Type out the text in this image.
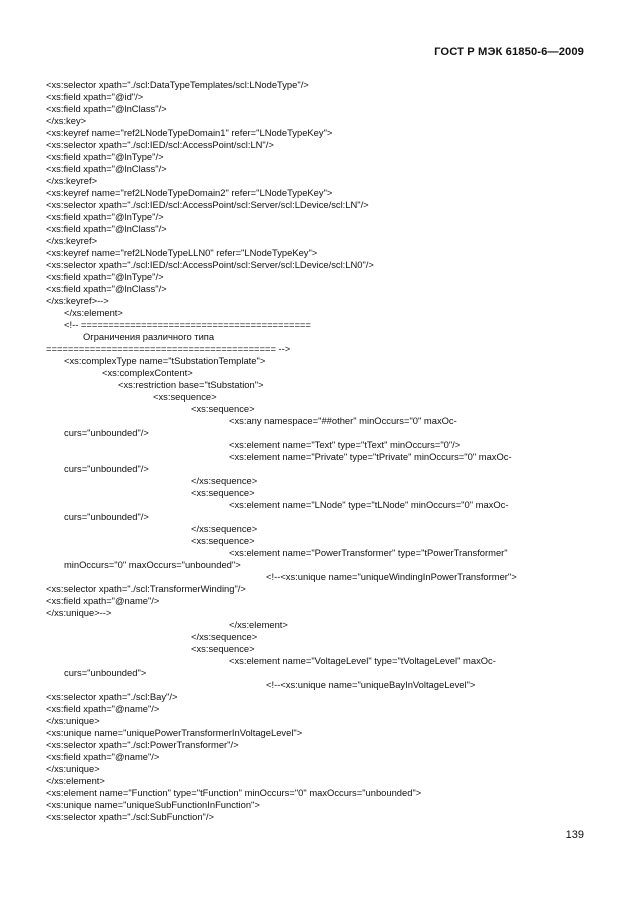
ГОСТ Р МЭК 61850-6—2009
<xs:selector xpath="./scl:DataTypeTemplates/scl:LNodeType"/>
<xs:field xpath="@id"/>
<xs:field xpath="@lnClass"/>
</xs:key>
<xs:keyref name="ref2LNodeTypeDomain1" refer="LNodeTypeKey">
<xs:selector xpath="./scl:IED/scl:AccessPoint/scl:LN"/>
<xs:field xpath="@lnType"/>
<xs:field xpath="@lnClass"/>
</xs:keyref>
<xs:keyref name="ref2LNodeTypeDomain2" refer="LNodeTypeKey">
<xs:selector xpath="./scl:IED/scl:AccessPoint/scl:Server/scl:LDevice/scl:LN"/>
<xs:field xpath="@lnType"/>
<xs:field xpath="@lnClass"/>
</xs:keyref>
<xs:keyref name="ref2LNodeTypeLLN0" refer="LNodeTypeKey">
<xs:selector xpath="./scl:IED/scl:AccessPoint/scl:Server/scl:LDevice/scl:LN0"/>
<xs:field xpath="@lnType"/>
<xs:field xpath="@lnClass"/>
</xs:keyref>-->
</xs:element>
<!-- ==========================================
Ограничения различного типа
========================================== -->
<xs:complexType name="tSubstationTemplate">
<xs:complexContent>
<xs:restriction base="tSubstation">
<xs:sequence>
<xs:sequence>
<xs:any namespace="##other" minOccurs="0" maxOc-
curs="unbounded"/>
<xs:element name="Text" type="tText" minOccurs="0"/>
<xs:element name="Private" type="tPrivate" minOccurs="0" maxOc-
curs="unbounded"/>
</xs:sequence>
<xs:sequence>
<xs:element name="LNode" type="tLNode" minOccurs="0" maxOc-
curs="unbounded"/>
</xs:sequence>
<xs:sequence>
<xs:element name="PowerTransformer" type="tPowerTransformer"
minOccurs="0" maxOccurs="unbounded">
<!--<xs:unique name="uniqueWindingInPowerTransformer">
<xs:selector xpath="./scl:TransformerWinding"/>
<xs:field xpath="@name"/>
</xs:unique>-->
</xs:element>
</xs:sequence>
<xs:sequence>
<xs:element name="VoltageLevel" type="tVoltageLevel" maxOc-
curs="unbounded">
<!--<xs:unique name="uniqueBayInVoltageLevel">
<xs:selector xpath="./scl:Bay"/>
<xs:field xpath="@name"/>
</xs:unique>
<xs:unique name="uniquePowerTransformerInVoltageLevel">
<xs:selector xpath="./scl:PowerTransformer"/>
<xs:field xpath="@name"/>
</xs:unique>
</xs:element>
<xs:element name="Function" type="tFunction" minOccurs="0" maxOccurs="unbounded">
<xs:unique name="uniqueSubFunctionInFunction">
<xs:selector xpath="./scl:SubFunction"/>
139
